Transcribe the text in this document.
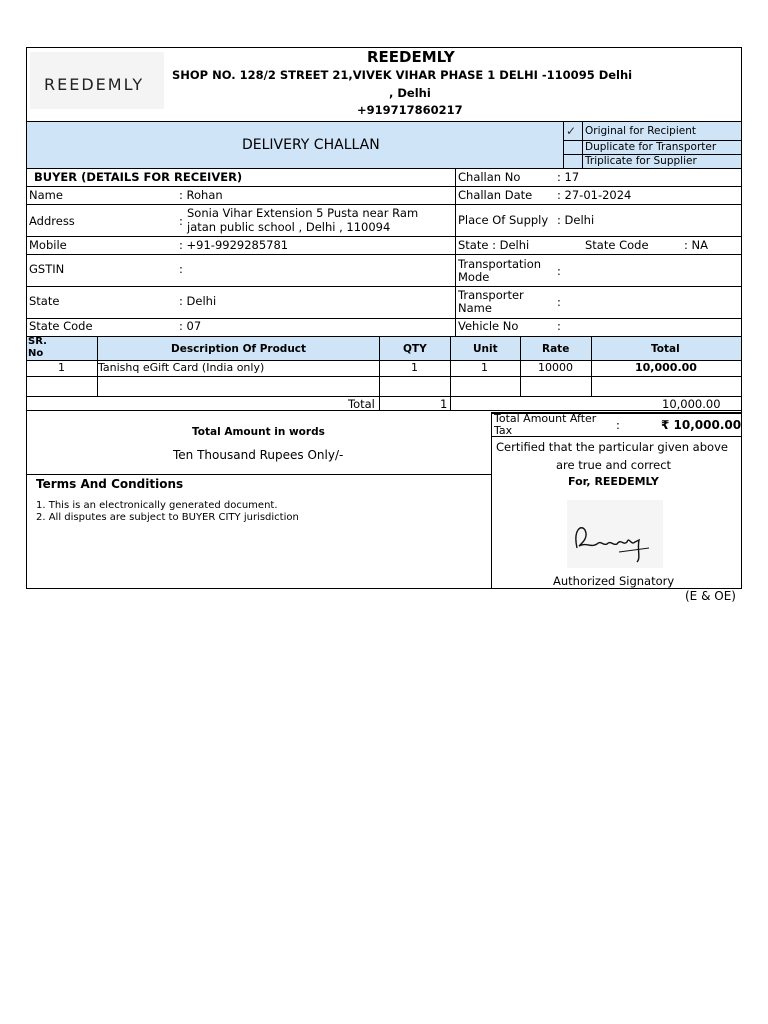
REEDEMLY
REEDEMLY
SHOP NO. 128/2 STREET 21,VIVEK VIHAR PHASE 1 DELHI -110095 Delhi
, Delhi
+919717860217
DELIVERY CHALLAN
✓ Original for Recipient
Duplicate for Transporter
Triplicate for Supplier
BUYER (DETAILS FOR RECEIVER)	Challan No	: 17
Name	: Rohan	Challan Date : 27-01-2024
Address	:
Sonia Vihar Extension 5 Pusta near Ram
jatan public school , Delhi , 110094	Place Of Supply : Delhi
Mobile	: +91-9929285781	State : Delhi	State Code	: NA
GSTIN	:	Transportation
Mode	:
State	: Delhi	Transporter
Name	:
State Code	: 07	Vehicle No	:
SR.
No	Description Of Product	QTY	Unit	Rate	Total
1	Tanishq eGift Card (India only)	1	1	10000	10,000.00
Total	1	10,000.00
Total Amount in words
Ten Thousand Rupees Only/-
Total Amount After
Tax	:	₹ 10,000.00
Terms And Conditions
1. This is an electronically generated document.
2. All disputes are subject to BUYER CITY jurisdiction
Certified that the particular given above
are true and correct
For, REEDEMLY
Authorized Signatory
(E & OE)
